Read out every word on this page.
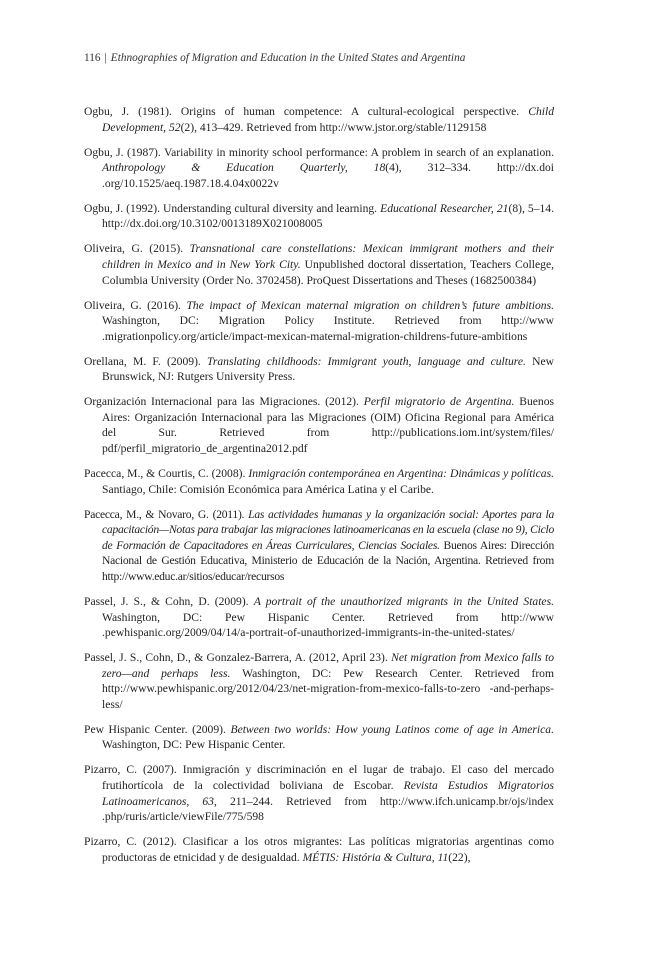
116 | Ethnographies of Migration and Education in the United States and Argentina
Ogbu, J. (1981). Origins of human competence: A cultural-ecological perspective. Child Development, 52(2), 413–429. Retrieved from http://www.jstor.org/stable/1129158
Ogbu, J. (1987). Variability in minority school performance: A problem in search of an explanation. Anthropology & Education Quarterly, 18(4), 312–334. http://dx.doi .org/10.1525/aeq.1987.18.4.04x0022v
Ogbu, J. (1992). Understanding cultural diversity and learning. Educational Researcher, 21(8), 5–14. http://dx.doi.org/10.3102/0013189X021008005
Oliveira, G. (2015). Transnational care constellations: Mexican immigrant mothers and their children in Mexico and in New York City. Unpublished doctoral dissertation, Teachers College, Columbia University (Order No. 3702458). ProQuest Dissertations and Theses (1682500384)
Oliveira, G. (2016). The impact of Mexican maternal migration on children’s future ambitions. Washington, DC: Migration Policy Institute. Retrieved from http://www .migrationpolicy.org/article/impact-mexican-maternal-migration-childrens-future-ambitions
Orellana, M. F. (2009). Translating childhoods: Immigrant youth, language and culture. New Brunswick, NJ: Rutgers University Press.
Organización Internacional para las Migraciones. (2012). Perfil migratorio de Argentina. Buenos Aires: Organización Internacional para las Migraciones (OIM) Oficina Regional para América del Sur. Retrieved from http://publications.iom.int/system/files/ pdf/perfil_migratorio_de_argentina2012.pdf
Pacecca, M., & Courtis, C. (2008). Inmigración contemporánea en Argentina: Dinámicas y políticas. Santiago, Chile: Comisión Económica para América Latina y el Caribe.
Pacecca, M., & Novaro, G. (2011). Las actividades humanas y la organización social: Aportes para la capacitación—Notas para trabajar las migraciones latinoamericanas en la escuela (clase no 9), Ciclo de Formación de Capacitadores en Áreas Curriculares, Ciencias Sociales. Buenos Aires: Dirección Nacional de Gestión Educativa, Ministerio de Educación de la Nación, Argentina. Retrieved from http://www.educ.ar/sitios/educar/recursos
Passel, J. S., & Cohn, D. (2009). A portrait of the unauthorized migrants in the United States. Washington, DC: Pew Hispanic Center. Retrieved from http://www .pewhispanic.org/2009/04/14/a-portrait-of-unauthorized-immigrants-in-the-united-states/
Passel, J. S., Cohn, D., & Gonzalez-Barrera, A. (2012, April 23). Net migration from Mexico falls to zero—and perhaps less. Washington, DC: Pew Research Center. Retrieved from http://www.pewhispanic.org/2012/04/23/net-migration-from-mexico-falls-to-zero -and-perhaps-less/
Pew Hispanic Center. (2009). Between two worlds: How young Latinos come of age in America. Washington, DC: Pew Hispanic Center.
Pizarro, C. (2007). Inmigración y discriminación en el lugar de trabajo. El caso del mercado frutihortícola de la colectividad boliviana de Escobar. Revista Estudios Migratorios Latinoamericanos, 63, 211–244. Retrieved from http://www.ifch.unicamp.br/ojs/index .php/ruris/article/viewFile/775/598
Pizarro, C. (2012). Clasificar a los otros migrantes: Las políticas migratorias argentinas como productoras de etnicidad y de desigualdad. MÉTIS: História & Cultura, 11(22),
